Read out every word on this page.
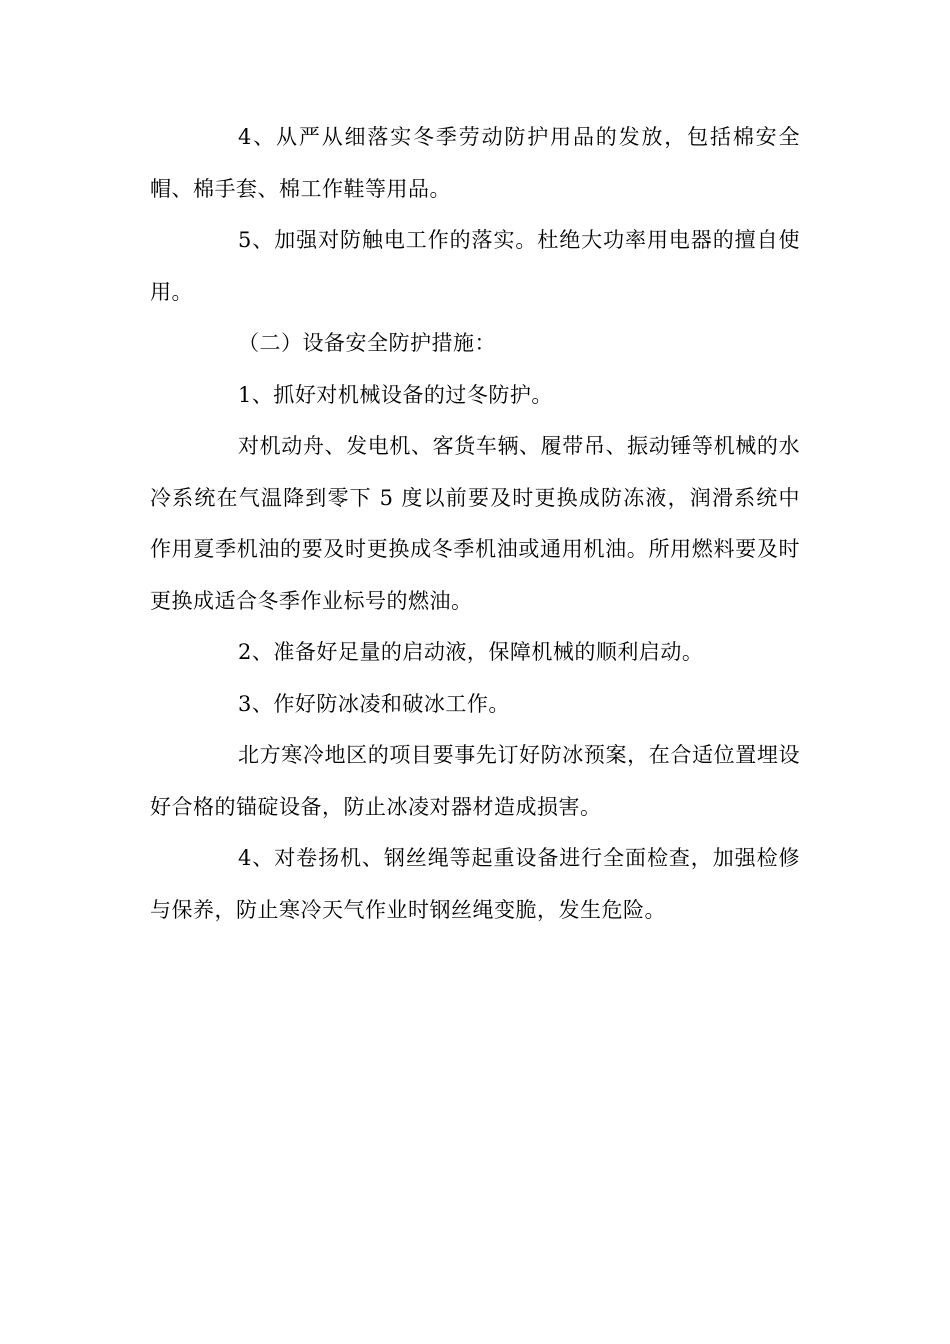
4、从严从细落实冬季劳动防护用品的发放，包括棉安全帽、棉手套、棉工作鞋等用品。

5、加强对防触电工作的落实。杜绝大功率用电器的擅自使用。

（二）设备安全防护措施：

1、抓好对机械设备的过冬防护。

对机动舟、发电机、客货车辆、履带吊、振动锤等机械的水冷系统在气温降到零下 5 度以前要及时更换成防冻液，润滑系统中作用夏季机油的要及时更换成冬季机油或通用机油。所用燃料要及时更换成适合冬季作业标号的燃油。

2、准备好足量的启动液，保障机械的顺利启动。

3、作好防冰凌和破冰工作。

北方寒冷地区的项目要事先订好防冰预案，在合适位置埋设好合格的锚碇设备，防止冰凌对器材造成损害。

4、对卷扬机、钢丝绳等起重设备进行全面检查，加强检修与保养，防止寒冷天气作业时钢丝绳变脆，发生危险。
